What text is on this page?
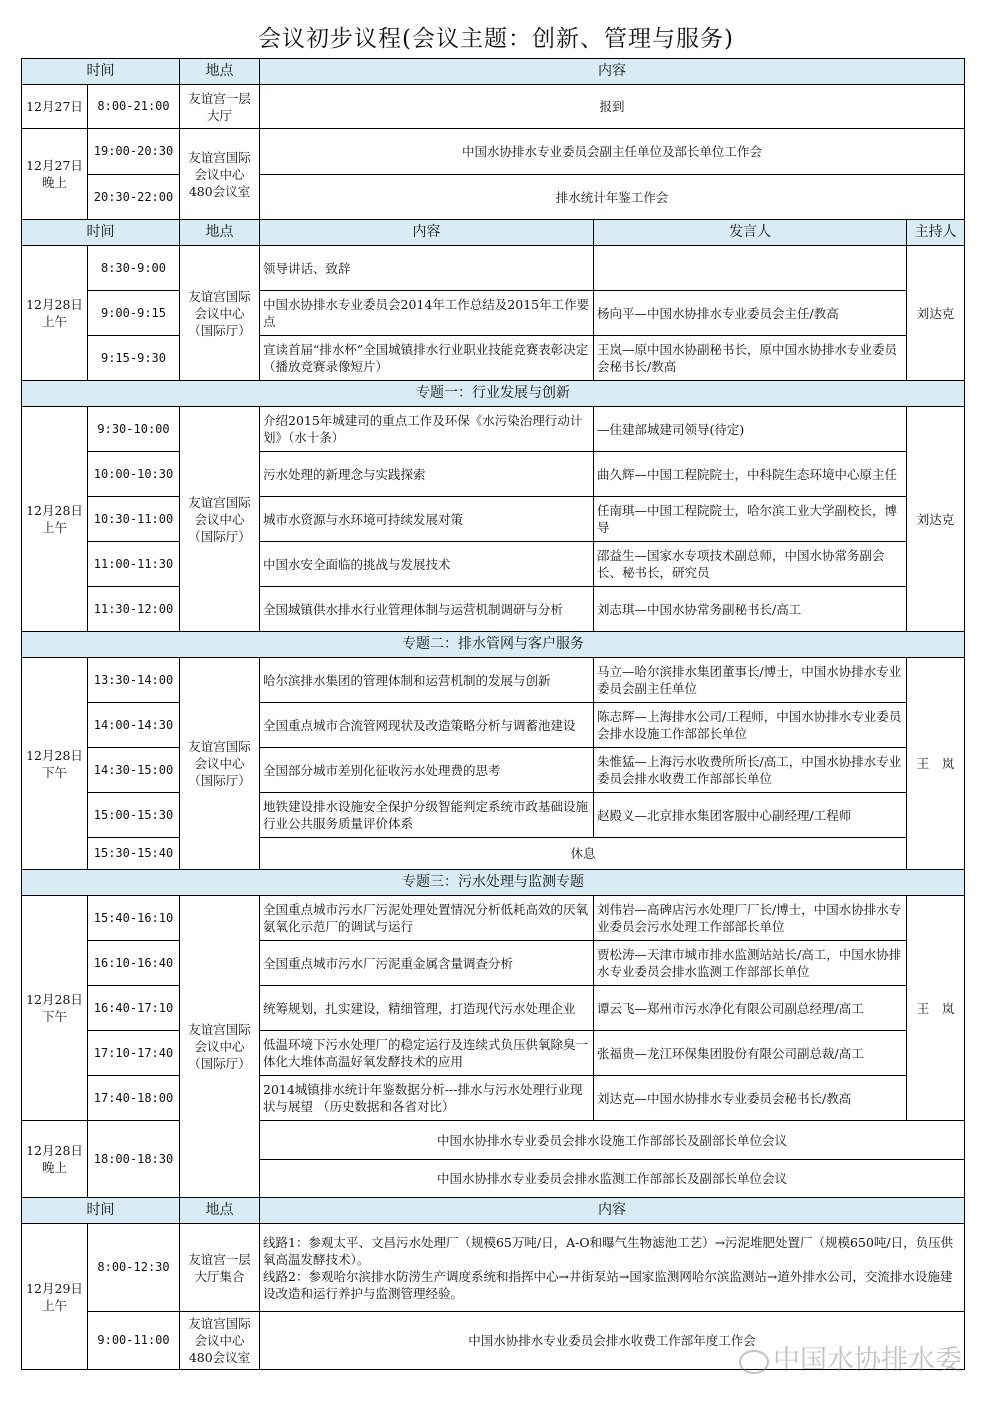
会议初步议程(会议主题：创新、管理与服务)
时间		地点	内容		
12月27日	8:00-21:00	友谊宫一层大厅	报到		
12月27日晚上	19:00-20:30	友谊宫国际会议中心480会议室	中国水协排水专业委员会副主任单位及部长单位工作会		
	20:30-22:00		排水统计年鉴工作会		
时间		地点	内容	发言人	主持人
12月28日上午	8:30-9:00	友谊宫国际会议中心（国际厅）	领导讲话、致辞		刘达克
	9:00-9:15		中国水协排水专业委员会2014年工作总结及2015年工作要点	杨向平—中国水协排水专业委员会主任/教高	
	9:15-9:30		宣读首届“排水杯”全国城镇排水行业职业技能竞赛表彰决定（播放竞赛录像短片）	王岚—原中国水协副秘书长，原中国水协排水专业委员会秘书长/教高	
专题一：行业发展与创新					
12月28日上午	9:30-10:00	友谊宫国际会议中心（国际厅）	介绍2015年城建司的重点工作及环保《水污染治理行动计划》（水十条）	—住建部城建司领导(待定)	刘达克
	10:00-10:30		污水处理的新理念与实践探索	曲久辉—中国工程院院士，中科院生态环境中心原主任	
	10:30-11:00		城市水资源与水环境可持续发展对策	任南琪—中国工程院院士，哈尔滨工业大学副校长，博导	
	11:00-11:30		中国水安全面临的挑战与发展技术	邵益生—国家水专项技术副总师，中国水协常务副会长、秘书长，研究员	
	11:30-12:00		全国城镇供水排水行业管理体制与运营机制调研与分析	刘志琪—中国水协常务副秘书长/高工	
专题二：排水管网与客户服务					
12月28日下午	13:30-14:00	友谊宫国际会议中心（国际厅）	哈尔滨排水集团的管理体制和运营机制的发展与创新	马立—哈尔滨排水集团董事长/博士，中国水协排水专业委员会副主任单位	王　岚
	14:00-14:30		全国重点城市合流管网现状及改造策略分析与调蓄池建设	陈志辉—上海排水公司/工程师，中国水协排水专业委员会排水设施工作部部长单位	
	14:30-15:00		全国部分城市差别化征收污水处理费的思考	朱惟猛—上海污水收费所所长/高工，中国水协排水专业委员会排水收费工作部部长单位	
	15:00-15:30		地铁建设排水设施安全保护分级智能判定系统市政基础设施行业公共服务质量评价体系	赵殿义—北京排水集团客服中心副经理/工程师	
	15:30-15:40		休息		
专题三：污水处理与监测专题					
12月28日下午	15:40-16:10	友谊宫国际会议中心（国际厅）	全国重点城市污水厂污泥处理处置情况分析低耗高效的厌氧氨氧化示范厂的调试与运行	刘伟岩—高碑店污水处理厂厂长/博士，中国水协排水专业委员会污水处理工作部部长单位	王　岚
	16:10-16:40		全国重点城市污水厂污泥重金属含量调查分析	贾松涛—天津市城市排水监测站站长/高工，中国水协排水专业委员会排水监测工作部部长单位	
	16:40-17:10		统筹规划，扎实建设，精细管理，打造现代污水处理企业	谭云飞—郑州市污水净化有限公司副总经理/高工	
	17:10-17:40		低温环境下污水处理厂的稳定运行及连续式负压供氧除臭一体化大堆体高温好氧发酵技术的应用	张福贵—龙江环保集团股份有限公司副总裁/高工	
	17:40-18:00		2014城镇排水统计年鉴数据分析---排水与污水处理行业现状与展望 （历史数据和各省对比）	刘达克—中国水协排水专业委员会秘书长/教高	
12月28日晚上	18:00-18:30		中国水协排水专业委员会排水设施工作部部长及副部长单位会议		
			中国水协排水专业委员会排水监测工作部部长及副部长单位会议		
时间		地点	内容		
12月29日上午	8:00-12:30	友谊宫一层大厅集合	线路1：参观太平、文昌污水处理厂（规模65万吨/日，A-O和曝气生物滤池工艺）→污泥堆肥处置厂（规模650吨/日，负压供氧高温发酵技术）。
线路2：参观哈尔滨排水防涝生产调度系统和指挥中心→井街泵站→国家监测网哈尔滨监测站→道外排水公司，交流排水设施建设改造和运行养护与监测管理经验。		

	9:00-11:00	友谊宫国际会议中心480会议室	中国水协排水专业委员会排水收费工作部年度工作会		
中国水协排水委
